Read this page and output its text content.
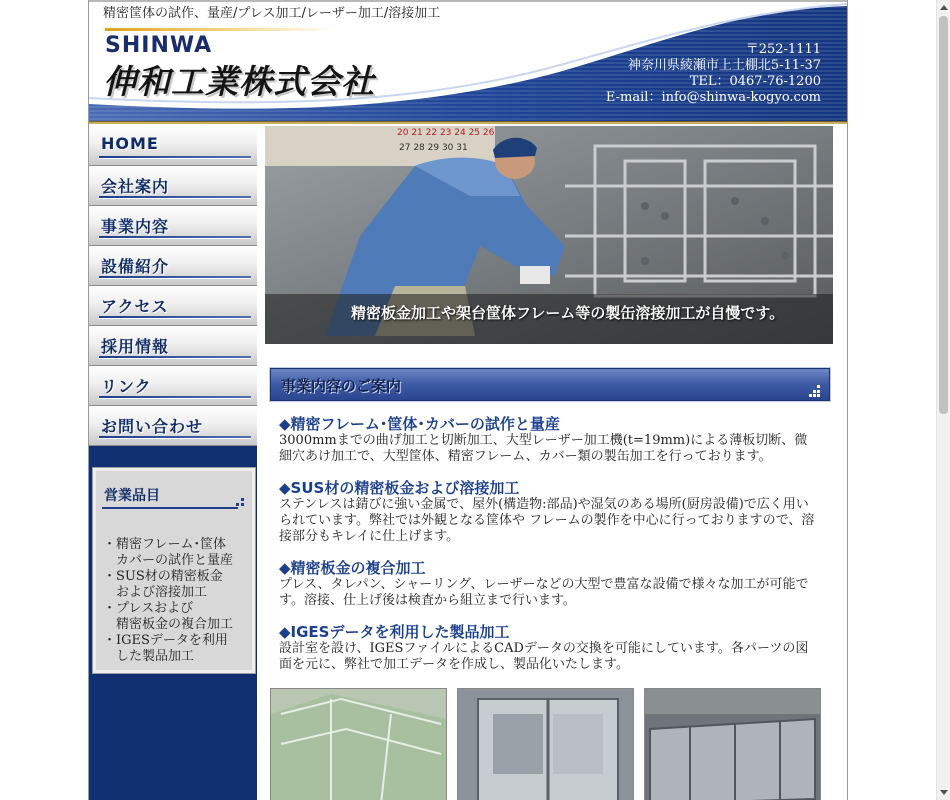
精密筐体の試作、量産/プレス加工/レーザー加工/溶接加工
SHINWA
伸和工業株式会社
〒252-1111
神奈川県綾瀬市上土棚北5-11-37
TEL：0467-76-1200
E-mail：info@shinwa-kogyo.com
HOME
会社案内
事業内容
設備紹介
アクセス
採用情報
リンク
お問い合わせ
営業品目
・ 精密フレーム･筐体
カバーの試作と量産
・ SUS材の精密板金
および溶接加工
・ プレスおよび
精密板金の複合加工
・ IGESデータを利用
した製品加工
20 21 22 23 24 25 26
27 28 29 30 31
精密板金加工や架台筐体フレーム等の製缶溶接加工が自慢です。
事業内容のご案内
◆精密フレーム･筐体･カバーの試作と量産

3000mmまでの曲げ加工と切断加工、大型レーザー加工機(t=19mm)による薄板切断、微細穴あけ加工で、大型筐体、精密フレーム、カバー類の製缶加工を行っております。

◆SUS材の精密板金および溶接加工

ステンレスは錆びに強い金属で、屋外(構造物:部品)や湿気のある場所(厨房設備)で広く用いられています。弊社では外観となる筐体や フレームの製作を中心に行っておりますので、溶接部分もキレイに仕上げます。

◆精密板金の複合加工

プレス、タレパン、シャーリング、レーザーなどの大型で豊富な設備で様々な加工が可能です。溶接、仕上げ後は検査から組立まで行います。

◆IGESデータを利用した製品加工

設計室を設け、IGESファイルによるCADデータの交換を可能にしています。各パーツの図面を元に、弊社で加工データを作成し、製品化いたします。
